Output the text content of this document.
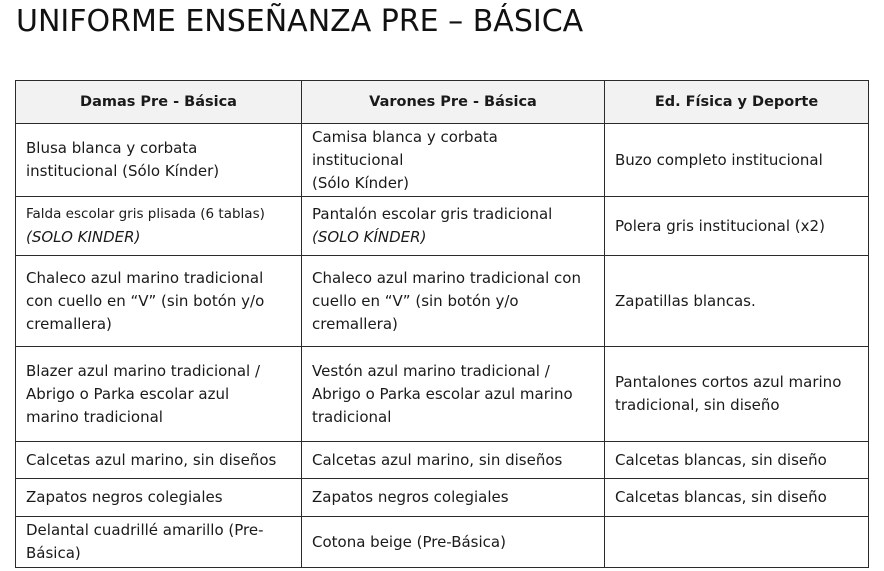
UNIFORME ENSEÑANZA PRE – BÁSICA
Damas Pre - Básica	Varones Pre - Básica	Ed. Física y Deporte

Blusa blanca y corbata
institucional (Sólo Kínder)	Camisa blanca y corbata
institucional
(Sólo Kínder)	Buzo completo institucional

Falda escolar gris plisada (6 tablas)
(SOLO KINDER)	Pantalón escolar gris tradicional
(SOLO KÍNDER)	Polera gris institucional (x2)

Chaleco azul marino tradicional
con cuello en “V” (sin botón y/o
cremallera)	Chaleco azul marino tradicional con
cuello en “V” (sin botón y/o
cremallera)	Zapatillas blancas.

Blazer azul marino tradicional /
Abrigo o Parka escolar azul
marino tradicional	Vestón azul marino tradicional /
Abrigo o Parka escolar azul marino
tradicional	Pantalones cortos azul marino
tradicional, sin diseño

Calcetas azul marino, sin diseños	Calcetas azul marino, sin diseños	Calcetas blancas, sin diseño

Zapatos negros colegiales	Zapatos negros colegiales	Calcetas blancas, sin diseño

Delantal cuadrillé amarillo (Pre-
Básica)	Cotona beige (Pre-Básica)	
